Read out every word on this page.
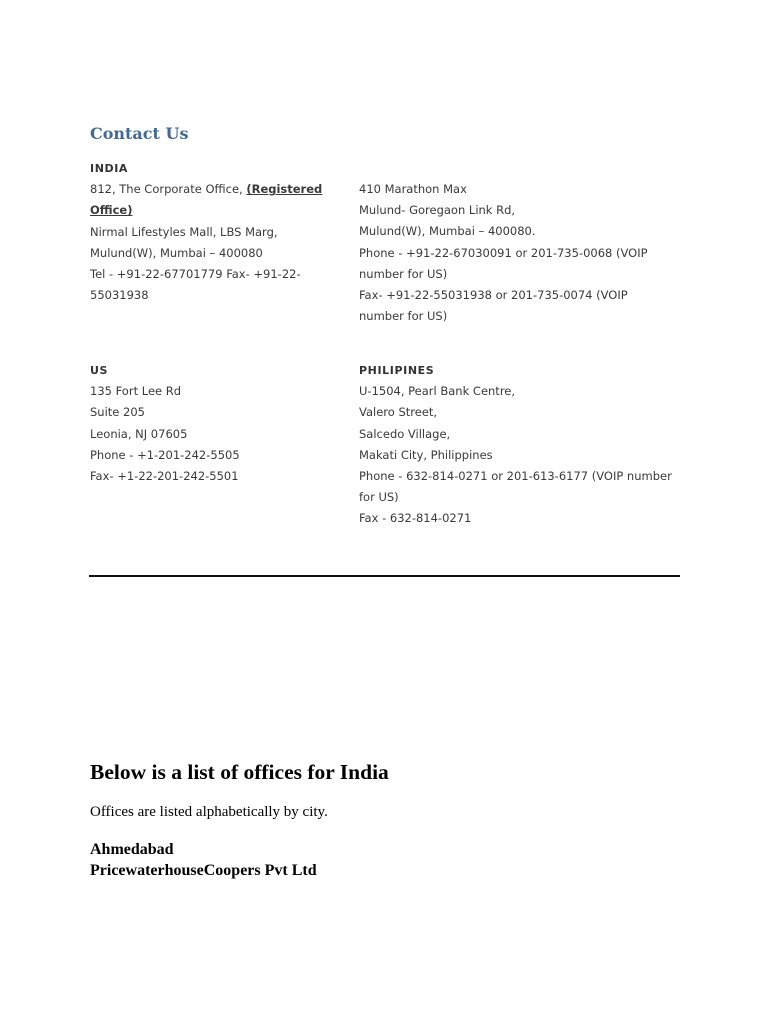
Contact Us
INDIA
812, The Corporate Office, (Registered
Office)
Nirmal Lifestyles Mall, LBS Marg,
Mulund(W), Mumbai – 400080
Tel - +91-22-67701779 Fax- +91-22-
55031938
410 Marathon Max
Mulund- Goregaon Link Rd,
Mulund(W), Mumbai – 400080.
Phone - +91-22-67030091 or 201-735-0068 (VOIP
number for US)
Fax- +91-22-55031938 or 201-735-0074 (VOIP
number for US)
US
135 Fort Lee Rd
Suite 205
Leonia, NJ 07605
Phone - +1-201-242-5505
Fax- +1-22-201-242-5501
PHILIPINES
U-1504, Pearl Bank Centre,
Valero Street,
Salcedo Village,
Makati City, Philippines
Phone - 632-814-0271 or 201-613-6177 (VOIP number
for US)
Fax - 632-814-0271
Below is a list of offices for India

Offices are listed alphabetically by city.

Ahmedabad

PricewaterhouseCoopers Pvt Ltd
